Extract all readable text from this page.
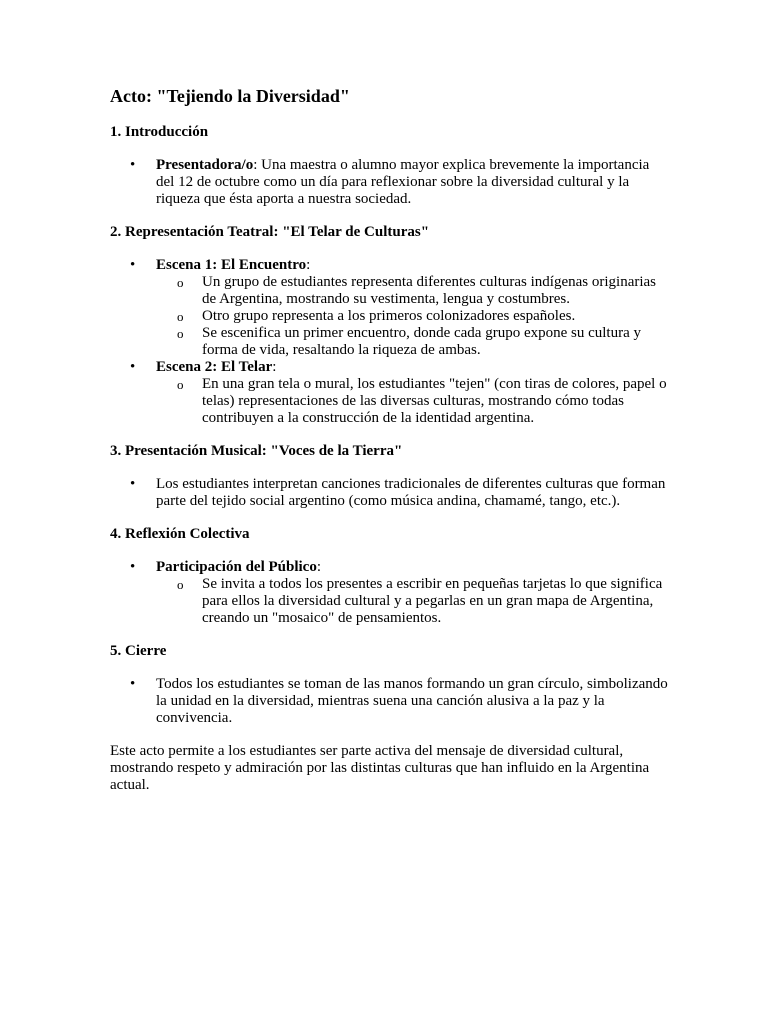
Acto: "Tejiendo la Diversidad"
1. Introducción
• Presentadora/o: Una maestra o alumno mayor explica brevemente la importancia del 12 de octubre como un día para reflexionar sobre la diversidad cultural y la riqueza que ésta aporta a nuestra sociedad.
2. Representación Teatral: "El Telar de Culturas"
• Escena 1: El Encuentro:
o Un grupo de estudiantes representa diferentes culturas indígenas originarias de Argentina, mostrando su vestimenta, lengua y costumbres.
o Otro grupo representa a los primeros colonizadores españoles.
o Se escenifica un primer encuentro, donde cada grupo expone su cultura y forma de vida, resaltando la riqueza de ambas.
• Escena 2: El Telar:
o En una gran tela o mural, los estudiantes "tejen" (con tiras de colores, papel o telas) representaciones de las diversas culturas, mostrando cómo todas contribuyen a la construcción de la identidad argentina.
3. Presentación Musical: "Voces de la Tierra"
• Los estudiantes interpretan canciones tradicionales de diferentes culturas que forman parte del tejido social argentino (como música andina, chamamé, tango, etc.).
4. Reflexión Colectiva
• Participación del Público:
o Se invita a todos los presentes a escribir en pequeñas tarjetas lo que significa para ellos la diversidad cultural y a pegarlas en un gran mapa de Argentina, creando un "mosaico" de pensamientos.
5. Cierre
• Todos los estudiantes se toman de las manos formando un gran círculo, simbolizando la unidad en la diversidad, mientras suena una canción alusiva a la paz y la convivencia.

Este acto permite a los estudiantes ser parte activa del mensaje de diversidad cultural, mostrando respeto y admiración por las distintas culturas que han influido en la Argentina actual.
